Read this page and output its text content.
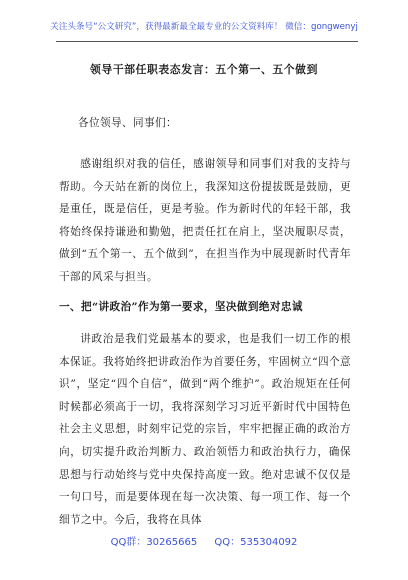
关注头条号“公文研究”，获得最新最全最专业的公文资料库！ 微信：gongwenyj
领导干部任职表态发言：五个第一、五个做到
各位领导、同事们：
感谢组织对我的信任，感谢领导和同事们对我的支持与帮助。今天站在新的岗位上，我深知这份提拔既是鼓励，更是重任，既是信任，更是考验。作为新时代的年轻干部，我将始终保持谦逊和勤勉，把责任扛在肩上，坚决履职尽责，做到“五个第一、五个做到”，在担当作为中展现新时代青年干部的风采与担当。
一、把“讲政治”作为第一要求，坚决做到绝对忠诚
讲政治是我们党最基本的要求，也是我们一切工作的根本保证。我将始终把讲政治作为首要任务，牢固树立“四个意识”，坚定“四个自信”，做到“两个维护”。政治规矩在任何时候都必须高于一切，我将深刻学习习近平新时代中国特色社会主义思想，时刻牢记党的宗旨，牢牢把握正确的政治方向，切实提升政治判断力、政治领悟力和政治执行力，确保思想与行动始终与党中央保持高度一致。绝对忠诚不仅仅是一句口号，而是要体现在每一次决策、每一项工作、每一个细节之中。今后，我将在具体
QQ群：30265665 QQ：535304092
